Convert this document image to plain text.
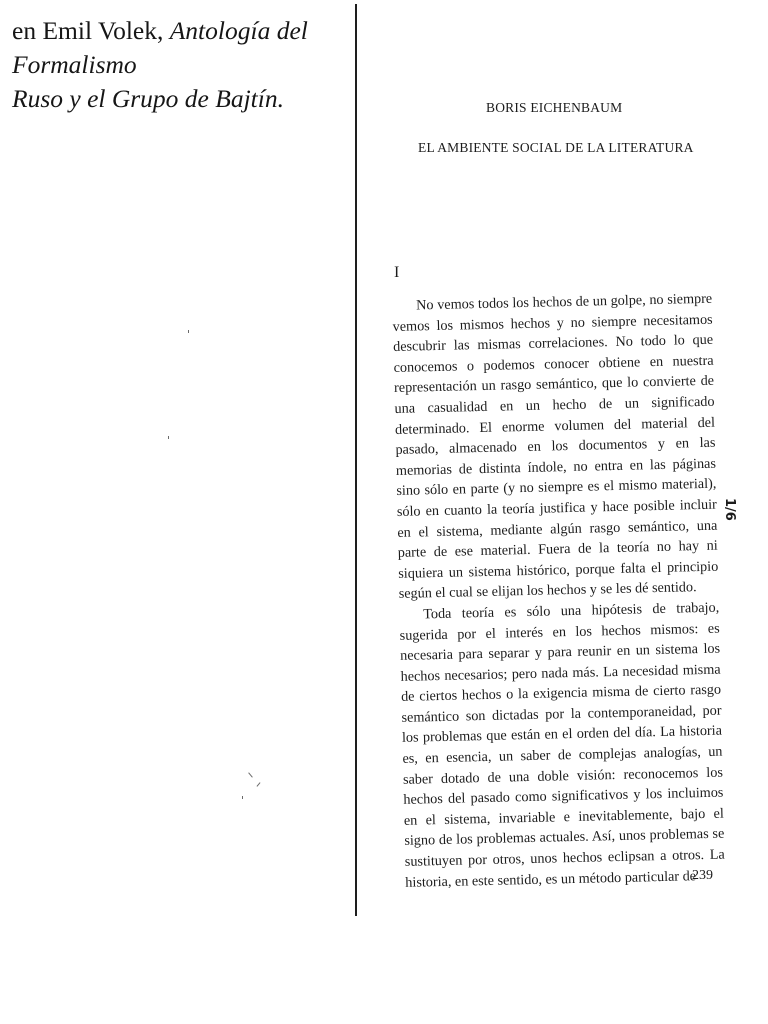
en Emil Volek, Antología del Formalismo
Ruso y el Grupo de Bajtín.	BORIS EICHENBAUM
EL AMBIENTE SOCIAL DE LA LITERATURA
I

No vemos todos los hechos de un golpe, no siempre vemos los mismos hechos y no siempre necesitamos descubrir las mismas correlaciones. No todo lo que conocemos o podemos conocer obtiene en nuestra representación un rasgo semántico, que lo convierte de una casualidad en un hecho de un significado determinado. El enorme volumen del material del pasado, almacenado en los documentos y en las memorias de distinta índole, no entra en las páginas sino sólo en parte (y no siempre es el mismo material), sólo en cuanto la teoría justifica y hace posible incluir en el sistema, mediante algún rasgo semántico, una parte de ese material. Fuera de la teoría no hay ni siquiera un sistema histórico, porque falta el principio según el cual se elijan los hechos y se les dé sentido.

Toda teoría es sólo una hipótesis de trabajo, sugerida por el interés en los hechos mismos: es necesaria para separar y para reunir en un sistema los hechos necesarios; pero nada más. La necesidad misma de ciertos hechos o la exigencia misma de cierto rasgo semántico son dictadas por la contemporaneidad, por los problemas que están en el orden del día. La historia es, en esencia, un saber de complejas analogías, un saber dotado de una doble visión: reconocemos los hechos del pasado como significativos y los incluimos en el sistema, invariable e inevitablemente, bajo el signo de los problemas actuales. Así, unos problemas se sustituyen por otros, unos hechos eclipsan a otros. La historia, en este sentido, es un método particular de

239
1/6
